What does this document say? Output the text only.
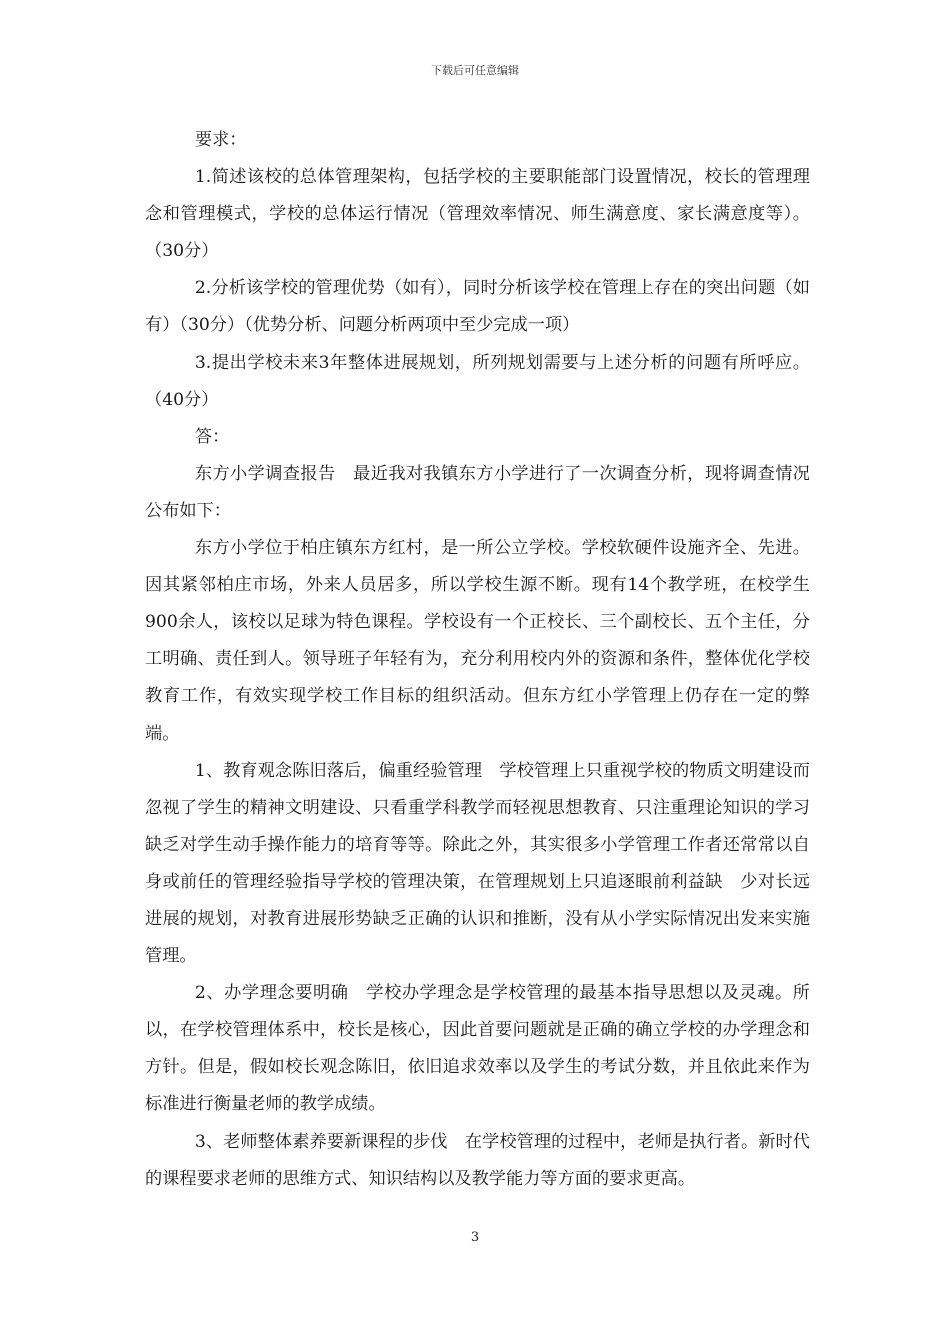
下载后可任意编辑

要求：

1.简述该校的总体管理架构，包括学校的主要职能部门设置情况，校长的管理理念和管理模式，学校的总体运行情况（管理效率情况、师生满意度、家长满意度等）。（30分）

2.分析该学校的管理优势（如有），同时分析该学校在管理上存在的突出问题（如有）（30分）（优势分析、问题分析两项中至少完成一项）

3.提出学校未来3年整体进展规划，所列规划需要与上述分析的问题有所呼应。（40分）

答：

东方小学调查报告　最近我对我镇东方小学进行了一次调查分析，现将调查情况公布如下：

东方小学位于柏庄镇东方红村，是一所公立学校。学校软硬件设施齐全、先进。因其紧邻柏庄市场，外来人员居多，所以学校生源不断。现有14个教学班，在校学生900余人，该校以足球为特色课程。学校设有一个正校长、三个副校长、五个主任，分工明确、责任到人。领导班子年轻有为，充分利用校内外的资源和条件，整体优化学校教育工作，有效实现学校工作目标的组织活动。但东方红小学管理上仍存在一定的弊端。

1、教育观念陈旧落后，偏重经验管理　学校管理上只重视学校的物质文明建设而忽视了学生的精神文明建设、只看重学科教学而轻视思想教育、只注重理论知识的学习缺乏对学生动手操作能力的培育等等。除此之外，其实很多小学管理工作者还常常以自身或前任的管理经验指导学校的管理决策，在管理规划上只追逐眼前利益缺　少对长远进展的规划，对教育进展形势缺乏正确的认识和推断，没有从小学实际情况出发来实施管理。

2、办学理念要明确　学校办学理念是学校管理的最基本指导思想以及灵魂。所以，在学校管理体系中，校长是核心，因此首要问题就是正确的确立学校的办学理念和方针。但是，假如校长观念陈旧，依旧追求效率以及学生的考试分数，并且依此来作为标准进行衡量老师的教学成绩。

3、老师整体素养要新课程的步伐　在学校管理的过程中，老师是执行者。新时代的课程要求老师的思维方式、知识结构以及教学能力等方面的要求更高。

3
